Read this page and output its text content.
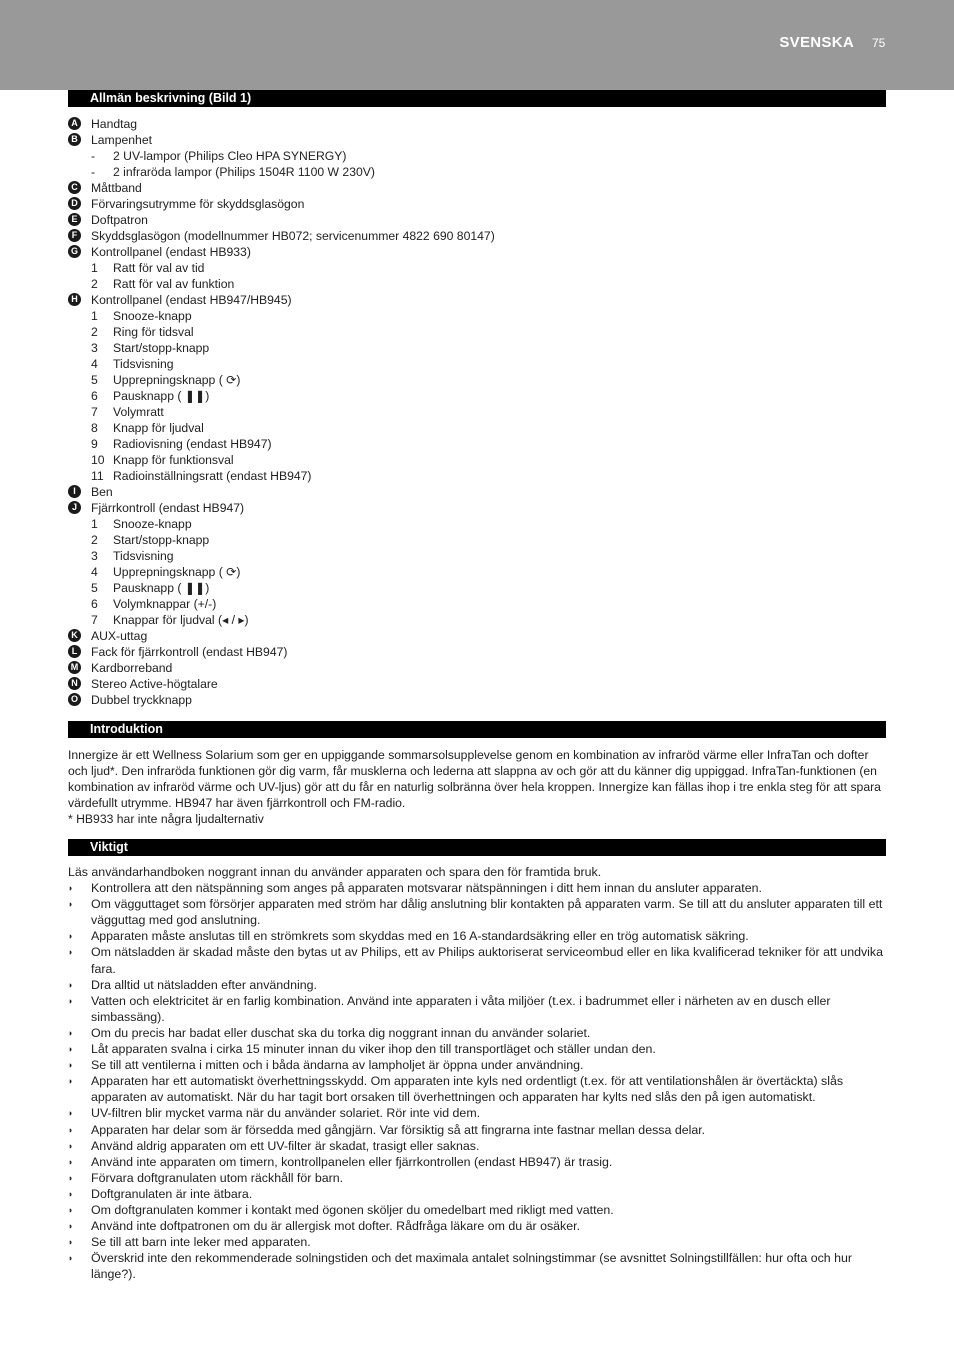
SVENSKA 75
Allmän beskrivning (Bild 1)
A Handtag
B Lampenhet
- 2 UV-lampor (Philips Cleo HPA SYNERGY)
- 2 infraröda lampor (Philips 1504R 1100 W 230V)
C Måttband
D Förvaringsutrymme för skyddsglasögon
E Doftpatron
F	Skyddsglasögon (modellnummer HB072; servicenummer 4822 690 80147)
G Kontrollpanel (endast HB933)
1 Ratt för val av tid
2 Ratt för val av funktion
H Kontrollpanel (endast HB947/HB945)
1 Snooze-knapp
2 Ring för tidsval
3 Start/stopp-knapp
4 Tidsvisning
5 Upprepningsknapp ( ⟳)
6 Pausknapp ( ❚❚)
7 Volymratt
8 Knapp för ljudval
9 Radiovisning (endast HB947)
10 Knapp för funktionsval
11 Radioinställningsratt (endast HB947)
I	Ben
J	Fjärrkontroll (endast HB947)
1 Snooze-knapp
2 Start/stopp-knapp
3 Tidsvisning
4 Upprepningsknapp ( ⟳)
5 Pausknapp ( ❚❚)
6 Volymknappar (+/-)
7 Knappar för ljudval (◂ / ▸)
K AUX-uttag
L	Fack för fjärrkontroll (endast HB947)
M Kardborreband
N Stereo Active-högtalare
O Dubbel tryckknapp
Introduktion

Innergize är ett Wellness Solarium som ger en uppiggande sommarsolsupplevelse genom en kombination av infraröd värme eller InfraTan och dofter och ljud*. Den infraröda funktionen gör dig varm, får musklerna och lederna att slappna av och gör att du känner dig uppiggad. InfraTan-funktionen (en kombination av infraröd värme och UV-ljus) gör att du får en naturlig solbränna över hela kroppen. Innergize kan fällas ihop i tre enkla steg för att spara värdefullt utrymme. HB947 har även fjärrkontroll och FM-radio.

* HB933 har inte några ljudalternativ

Viktigt

Läs användarhandboken noggrant innan du använder apparaten och spara den för framtida bruk.

◗ Kontrollera att den nätspänning som anges på apparaten motsvarar nätspänningen i ditt hem innan du ansluter apparaten.
◗ Om vägguttaget som försörjer apparaten med ström har dålig anslutning blir kontakten på apparaten varm. Se till att du ansluter apparaten till ett vägguttag med god anslutning.
◗ Apparaten måste anslutas till en strömkrets som skyddas med en 16 A-standardsäkring eller en trög automatisk säkring.
◗ Om nätsladden är skadad måste den bytas ut av Philips, ett av Philips auktoriserat serviceombud eller en lika kvalificerad tekniker för att undvika fara.
◗ Dra alltid ut nätsladden efter användning.
◗ Vatten och elektricitet är en farlig kombination. Använd inte apparaten i våta miljöer (t.ex. i badrummet eller i närheten av en dusch eller simbassäng).
◗ Om du precis har badat eller duschat ska du torka dig noggrant innan du använder solariet.
◗ Låt apparaten svalna i cirka 15 minuter innan du viker ihop den till transportläget och ställer undan den.
◗ Se till att ventilerna i mitten och i båda ändarna av lampholjet är öppna under användning.
◗ Apparaten har ett automatiskt överhettningsskydd. Om apparaten inte kyls ned ordentligt (t.ex. för att ventilationshålen är övertäckta) slås apparaten av automatiskt. När du har tagit bort orsaken till överhettningen och apparaten har kylts ned slås den på igen automatiskt.
◗ UV-filtren blir mycket varma när du använder solariet. Rör inte vid dem.
◗ Apparaten har delar som är försedda med gångjärn. Var försiktig så att fingrarna inte fastnar mellan dessa delar.
◗ Använd aldrig apparaten om ett UV-filter är skadat, trasigt eller saknas.
◗ Använd inte apparaten om timern, kontrollpanelen eller fjärrkontrollen (endast HB947) är trasig.
◗ Förvara doftgranulaten utom räckhåll för barn.
◗ Doftgranulaten är inte ätbara.
◗ Om doftgranulaten kommer i kontakt med ögonen sköljer du omedelbart med rikligt med vatten.
◗ Använd inte doftpatronen om du är allergisk mot dofter. Rådfråga läkare om du är osäker.
◗ Se till att barn inte leker med apparaten.
◗ Överskrid inte den rekommenderade solningstiden och det maximala antalet solningstimmar (se avsnittet Solningstillfällen: hur ofta och hur länge?).
